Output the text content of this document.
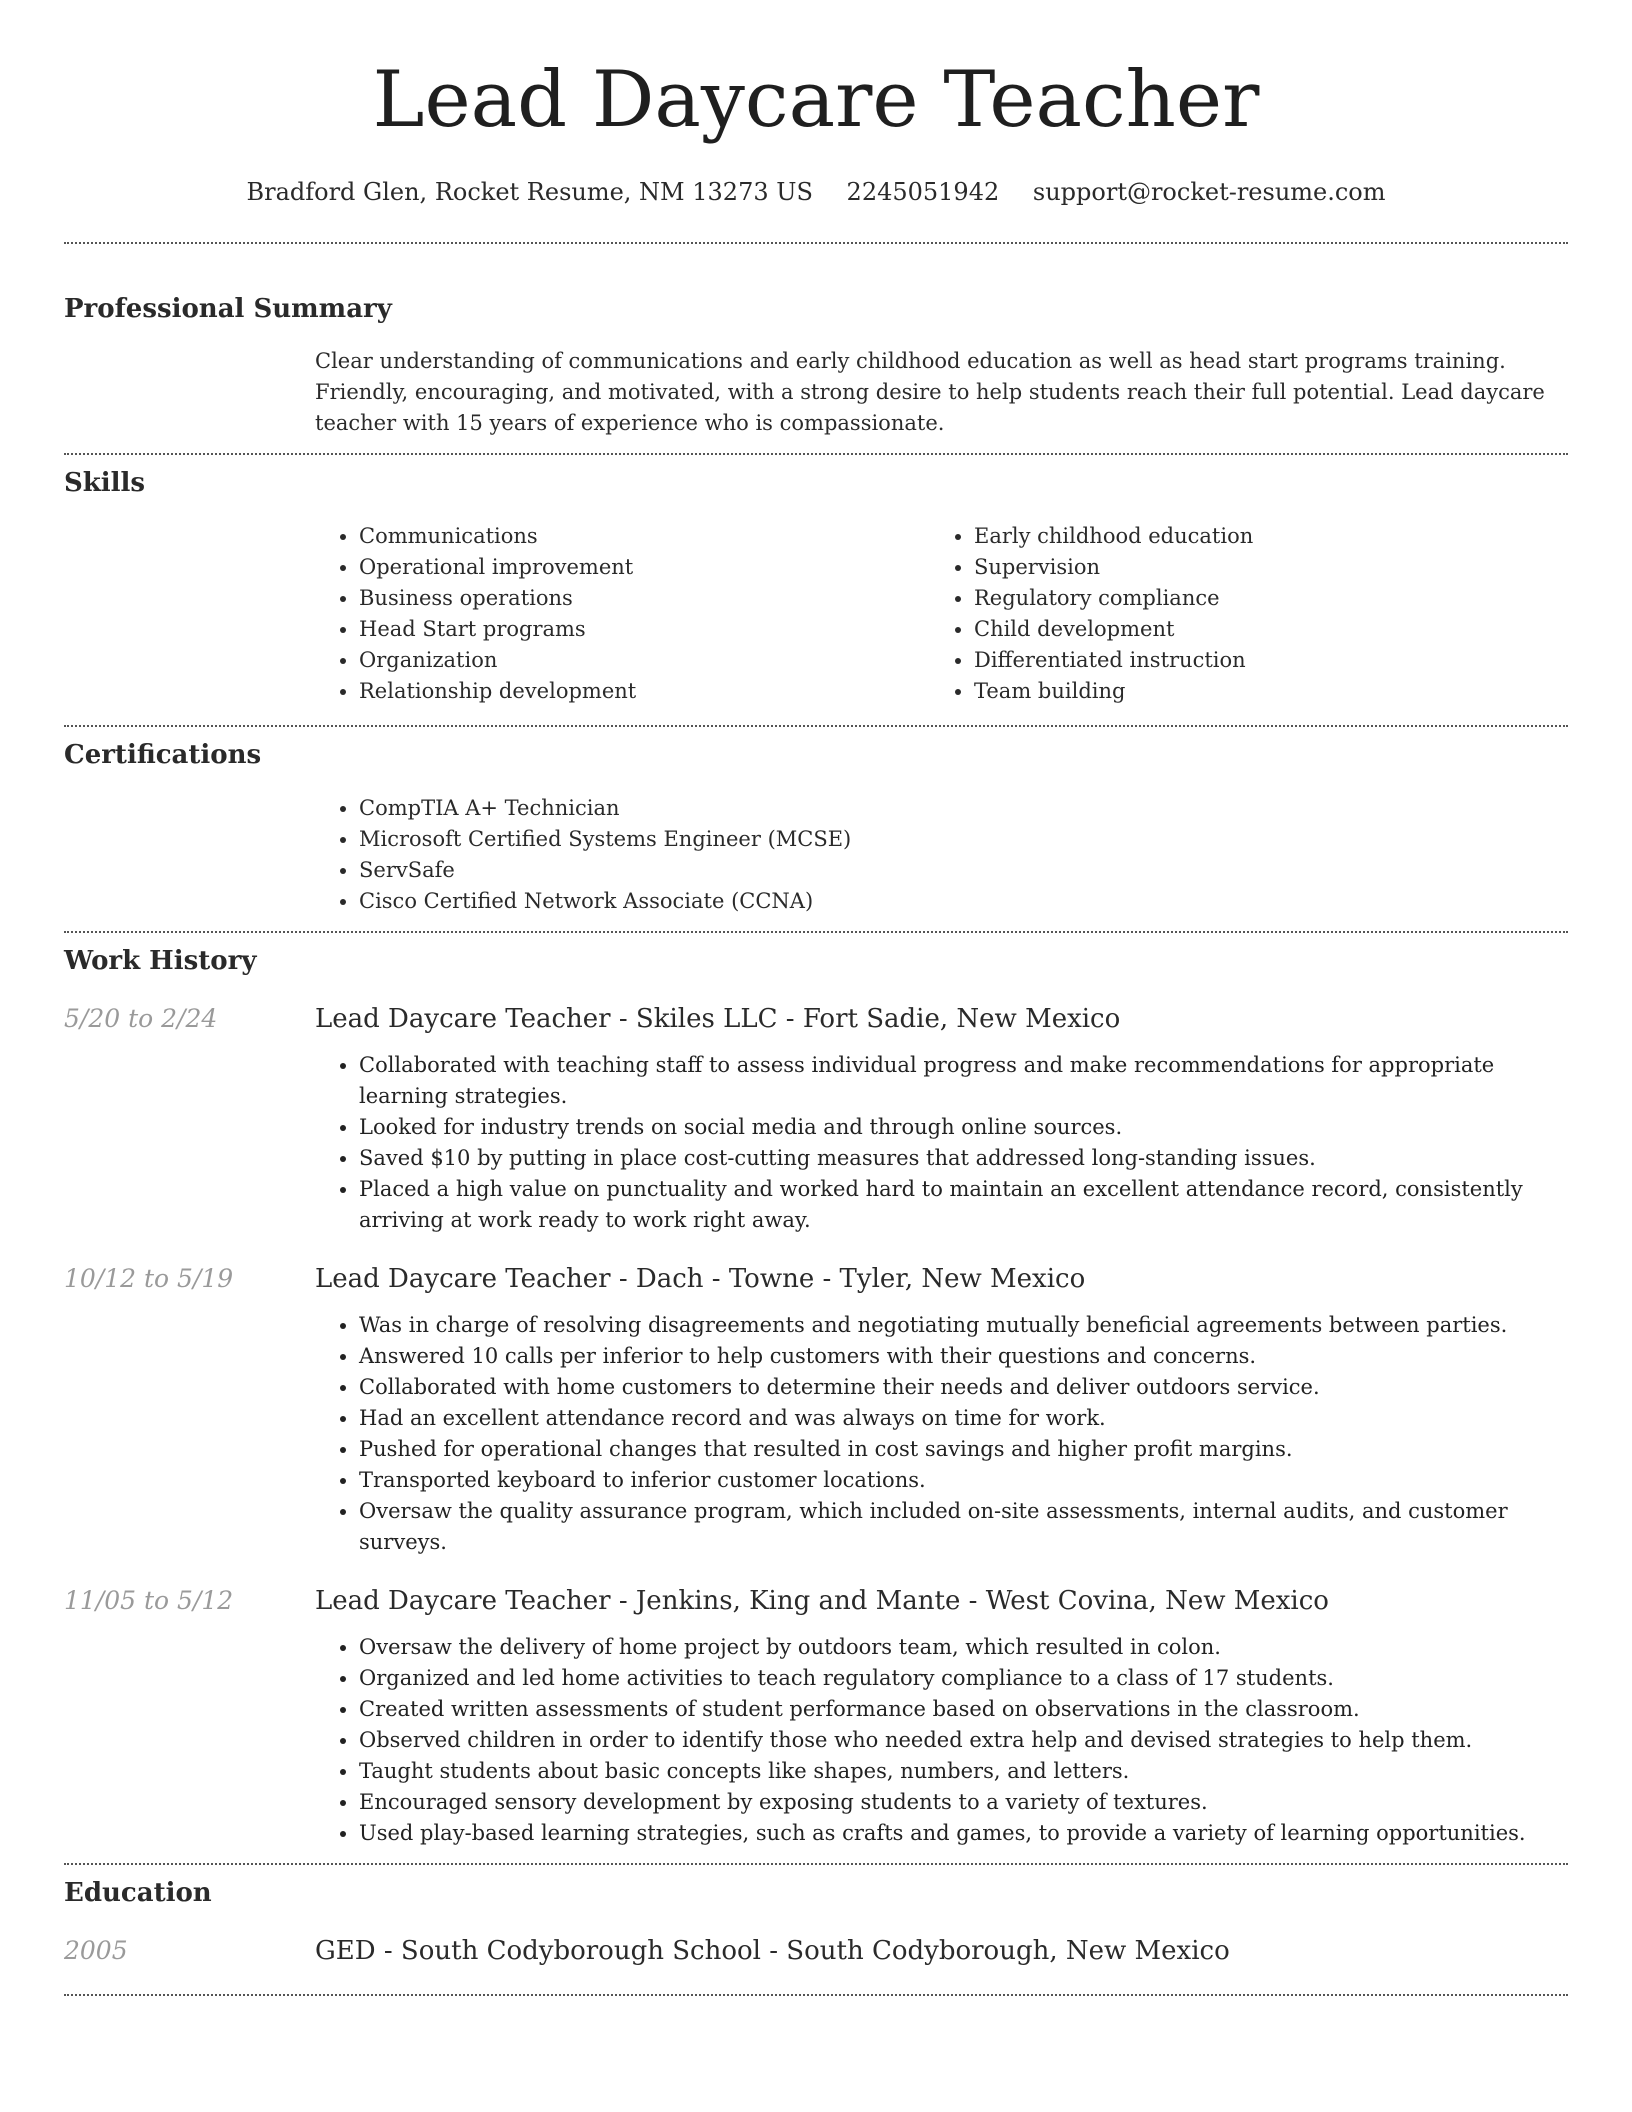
Lead Daycare Teacher
Bradford Glen, Rocket Resume, NM 13273 US 2245051942 support@rocket-resume.com
Professional Summary

Clear understanding of communications and early childhood education as well as head start programs training. Friendly, encouraging, and motivated, with a strong desire to help students reach their full potential. Lead daycare teacher with 15 years of experience who is compassionate.

Skills
• Communications
• Operational improvement
• Business operations
• Head Start programs
• Organization
• Relationship development
• Early childhood education
• Supervision
• Regulatory compliance
• Child development
• Differentiated instruction
• Team building
Certifications
• CompTIA A+ Technician
• Microsoft Certified Systems Engineer (MCSE)
• ServSafe
• Cisco Certified Network Associate (CCNA)
Work History
5/20 to 2/24	Lead Daycare Teacher - Skiles LLC - Fort Sadie, New Mexico
• Collaborated with teaching staff to assess individual progress and make recommendations for appropriate learning strategies.
• Looked for industry trends on social media and through online sources.
• Saved $10 by putting in place cost-cutting measures that addressed long-standing issues.
• Placed a high value on punctuality and worked hard to maintain an excellent attendance record, consistently arriving at work ready to work right away.
10/12 to 5/19	Lead Daycare Teacher - Dach - Towne - Tyler, New Mexico
• Was in charge of resolving disagreements and negotiating mutually beneficial agreements between parties.
• Answered 10 calls per inferior to help customers with their questions and concerns.
• Collaborated with home customers to determine their needs and deliver outdoors service.
• Had an excellent attendance record and was always on time for work.
• Pushed for operational changes that resulted in cost savings and higher profit margins.
• Transported keyboard to inferior customer locations.
• Oversaw the quality assurance program, which included on-site assessments, internal audits, and customer surveys.
11/05 to 5/12	Lead Daycare Teacher - Jenkins, King and Mante - West Covina, New Mexico
• Oversaw the delivery of home project by outdoors team, which resulted in colon.
• Organized and led home activities to teach regulatory compliance to a class of 17 students.
• Created written assessments of student performance based on observations in the classroom.
• Observed children in order to identify those who needed extra help and devised strategies to help them.
• Taught students about basic concepts like shapes, numbers, and letters.
• Encouraged sensory development by exposing students to a variety of textures.
• Used play-based learning strategies, such as crafts and games, to provide a variety of learning opportunities.
Education
2005	GED - South Codyborough School - South Codyborough, New Mexico
